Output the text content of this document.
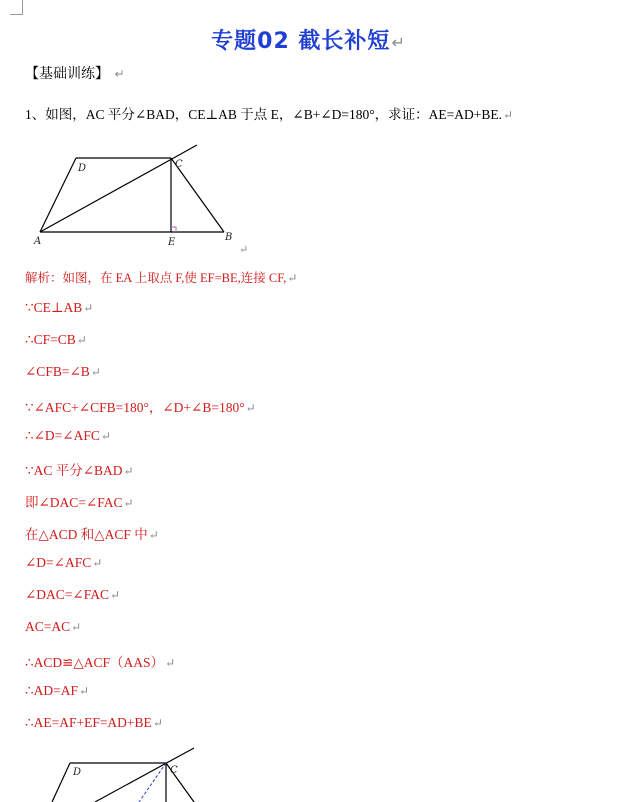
专题02 截长补短↵
【基础训练】 ↵
1、如图，AC 平分∠BAD，CE⊥AB 于点 E，∠B+∠D=180°，求证：AE=AD+BE.↵
D	C
A	E	B
↵
D	C
解析：如图，在 EA 上取点 F,使 EF=BE,连接 CF,↵
∵CE⊥AB↵
∴CF=CB↵
∠CFB=∠B↵
∵∠AFC+∠CFB=180°，∠D+∠B=180°↵
∴∠D=∠AFC↵
∵AC 平分∠BAD↵
即∠DAC=∠FAC↵
在△ACD 和△ACF 中↵
∠D=∠AFC↵
∠DAC=∠FAC↵
AC=AC↵
∴ACD≌△ACF（AAS）↵
∴AD=AF↵
∴AE=AF+EF=AD+BE↵
